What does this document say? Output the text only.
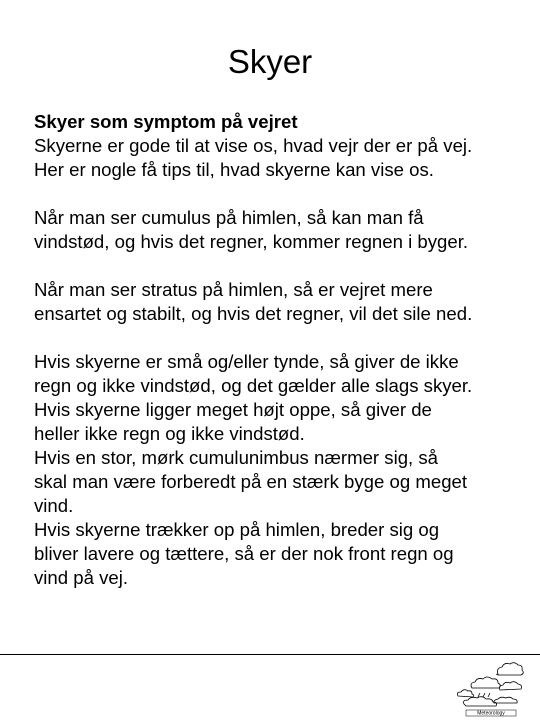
Skyer

Skyer som symptom på vejret

Skyerne er gode til at vise os, hvad vejr der er på vej.

Her er nogle få tips til, hvad skyerne kan vise os.

Når man ser cumulus på himlen, så kan man få

vindstød, og hvis det regner, kommer regnen i byger.

Når man ser stratus på himlen, så er vejret mere

ensartet og stabilt, og hvis det regner, vil det sile ned.

Hvis skyerne er små og/eller tynde, så giver de ikke

regn og ikke vindstød, og det gælder alle slags skyer.

Hvis skyerne ligger meget højt oppe, så giver de

heller ikke regn og ikke vindstød.

Hvis en stor, mørk cumulunimbus nærmer sig, så

skal man være forberedt på en stærk byge og meget

vind.

Hvis skyerne trækker op på himlen, breder sig og

bliver lavere og tættere, så er der nok front regn og

vind på vej.

Meteorology
